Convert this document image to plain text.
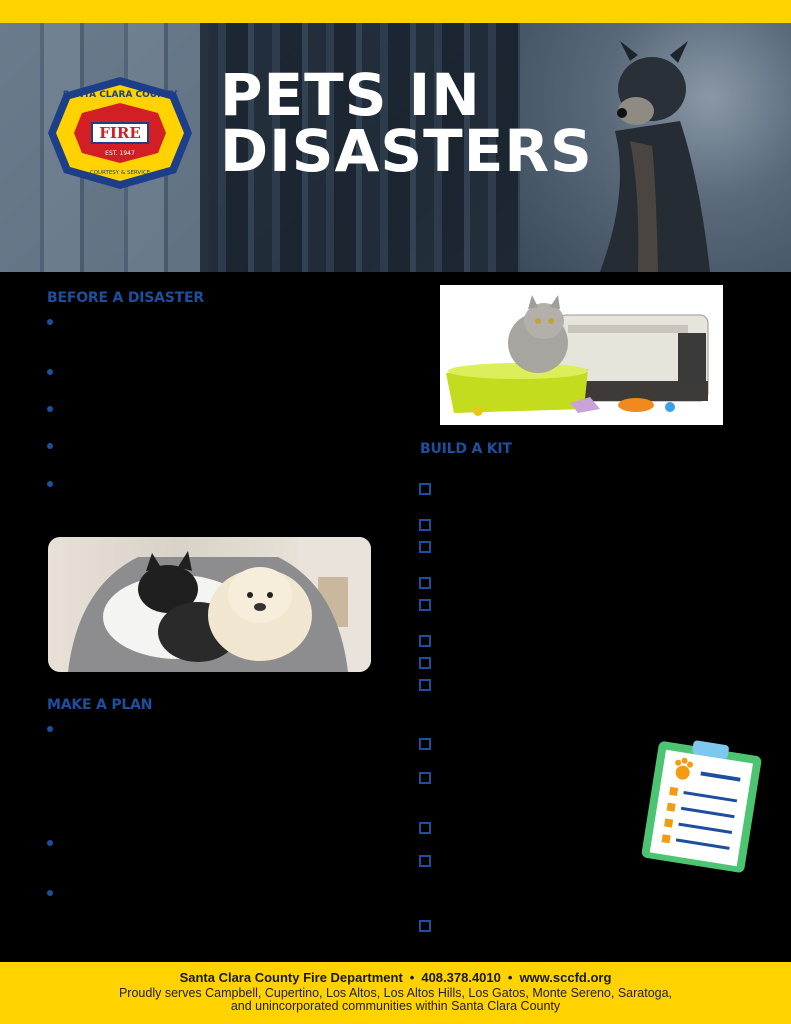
PETS IN
DISASTERS
FIRE
SANTA CLARA COUNTY
EST. 1947
COURTESY & SERVICE
BEFORE A DISASTER
BUILD A KIT
MAKE A PLAN

Santa Clara County Fire Department • 408.378.4010 • www.sccfd.org

Proudly serves Campbell, Cupertino, Los Altos, Los Altos Hills, Los Gatos, Monte Sereno, Saratoga, and unincorporated communities within Santa Clara County
